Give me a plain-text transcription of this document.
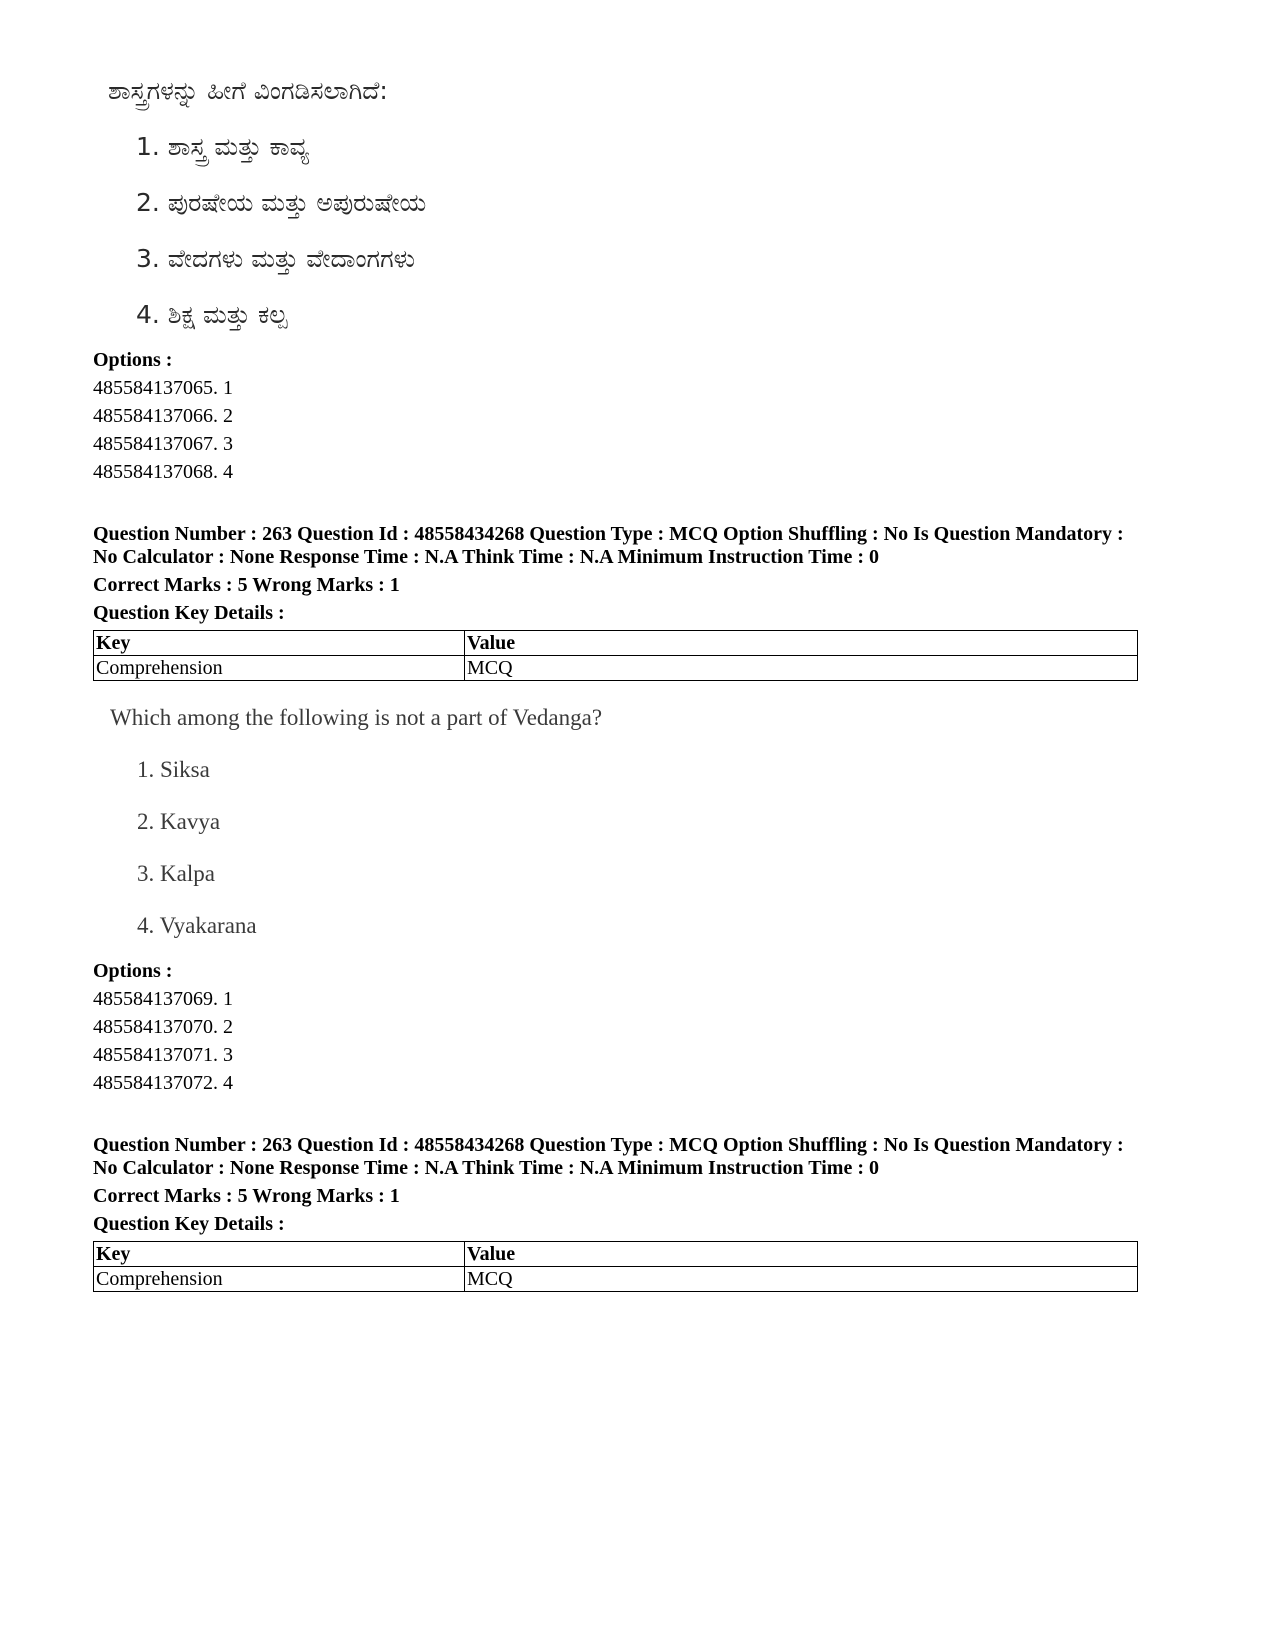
ಶಾಸ್ತ್ರಗಳನ್ನು ಹೀಗೆ ವಿಂಗಡಿಸಲಾಗಿದೆ:
1. ಶಾಸ್ತ್ರ ಮತ್ತು ಕಾವ್ಯ
2. ಪುರಷೇಯ ಮತ್ತು ಅಪುರುಷೇಯ
3. ವೇದಗಳು ಮತ್ತು ವೇದಾಂಗಗಳು
4. ಶಿಕ್ಷ ಮತ್ತು ಕಲ್ಪ
Options :
485584137065. 1
485584137066. 2
485584137067. 3
485584137068. 4
Question Number : 263 Question Id : 48558434268 Question Type : MCQ Option Shuffling : No Is Question Mandatory :
No Calculator : None Response Time : N.A Think Time : N.A Minimum Instruction Time : 0
Correct Marks : 5 Wrong Marks : 1
Question Key Details :
Key	Value
Comprehension	MCQ
Which among the following is not a part of Vedanga?
1. Siksa
2. Kavya
3. Kalpa
4. Vyakarana
Options :
485584137069. 1
485584137070. 2
485584137071. 3
485584137072. 4
Question Number : 263 Question Id : 48558434268 Question Type : MCQ Option Shuffling : No Is Question Mandatory :
No Calculator : None Response Time : N.A Think Time : N.A Minimum Instruction Time : 0
Correct Marks : 5 Wrong Marks : 1
Question Key Details :
Key	Value
Comprehension	MCQ
